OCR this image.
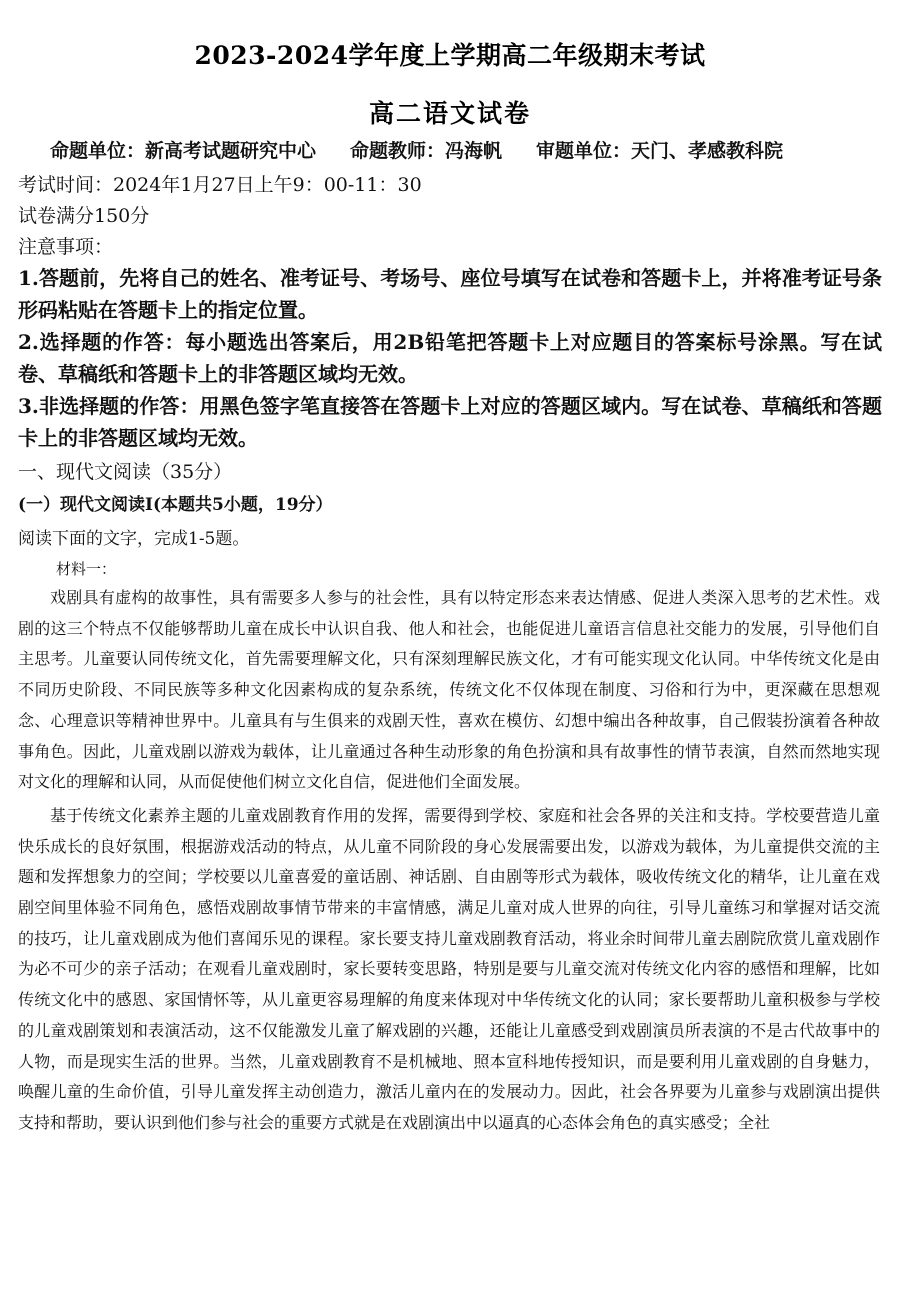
2023-2024学年度上学期高二年级期末考试
高二语文试卷
命题单位：新高考试题研究中心 命题教师：冯海帆 审题单位：天门、孝感教科院
考试时间：2024年1月27日上午9：00-11：30
试卷满分150分
注意事项：
1.答题前，先将自己的姓名、准考证号、考场号、座位号填写在试卷和答题卡上，并将准考证号条形码粘贴在答题卡上的指定位置。
2.选择题的作答：每小题选出答案后，用2B铅笔把答题卡上对应题目的答案标号涂黑。写在试卷、草稿纸和答题卡上的非答题区域均无效。
3.非选择题的作答：用黑色签字笔直接答在答题卡上对应的答题区域内。写在试卷、草稿纸和答题卡上的非答题区域均无效。
一、现代文阅读（35分）
(一）现代文阅读Ⅰ(本题共5小题，19分）
阅读下面的文字，完成1-5题。
材料一：

戏剧具有虚构的故事性，具有需要多人参与的社会性，具有以特定形态来表达情感、促进人类深入思考的艺术性。戏剧的这三个特点不仅能够帮助儿童在成长中认识自我、他人和社会，也能促进儿童语言信息社交能力的发展，引导他们自主思考。儿童要认同传统文化，首先需要理解文化，只有深刻理解民族文化，才有可能实现文化认同。中华传统文化是由不同历史阶段、不同民族等多种文化因素构成的复杂系统，传统文化不仅体现在制度、习俗和行为中，更深藏在思想观念、心理意识等精神世界中。儿童具有与生俱来的戏剧天性，喜欢在模仿、幻想中编出各种故事，自己假装扮演着各种故事角色。因此，儿童戏剧以游戏为载体，让儿童通过各种生动形象的角色扮演和具有故事性的情节表演，自然而然地实现对文化的理解和认同，从而促使他们树立文化自信，促进他们全面发展。

基于传统文化素养主题的儿童戏剧教育作用的发挥，需要得到学校、家庭和社会各界的关注和支持。学校要营造儿童快乐成长的良好氛围，根据游戏活动的特点，从儿童不同阶段的身心发展需要出发，以游戏为载体，为儿童提供交流的主题和发挥想象力的空间；学校要以儿童喜爱的童话剧、神话剧、自由剧等形式为载体，吸收传统文化的精华，让儿童在戏剧空间里体验不同角色，感悟戏剧故事情节带来的丰富情感，满足儿童对成人世界的向往，引导儿童练习和掌握对话交流的技巧，让儿童戏剧成为他们喜闻乐见的课程。家长要支持儿童戏剧教育活动，将业余时间带儿童去剧院欣赏儿童戏剧作为必不可少的亲子活动；在观看儿童戏剧时，家长要转变思路，特别是要与儿童交流对传统文化内容的感悟和理解，比如传统文化中的感恩、家国情怀等，从儿童更容易理解的角度来体现对中华传统文化的认同；家长要帮助儿童积极参与学校的儿童戏剧策划和表演活动，这不仅能激发儿童了解戏剧的兴趣，还能让儿童感受到戏剧演员所表演的不是古代故事中的人物，而是现实生活的世界。当然，儿童戏剧教育不是机械地、照本宣科地传授知识，而是要利用儿童戏剧的自身魅力，唤醒儿童的生命价值，引导儿童发挥主动创造力，激活儿童内在的发展动力。因此，社会各界要为儿童参与戏剧演出提供支持和帮助，要认识到他们参与社会的重要方式就是在戏剧演出中以逼真的心态体会角色的真实感受；全社
